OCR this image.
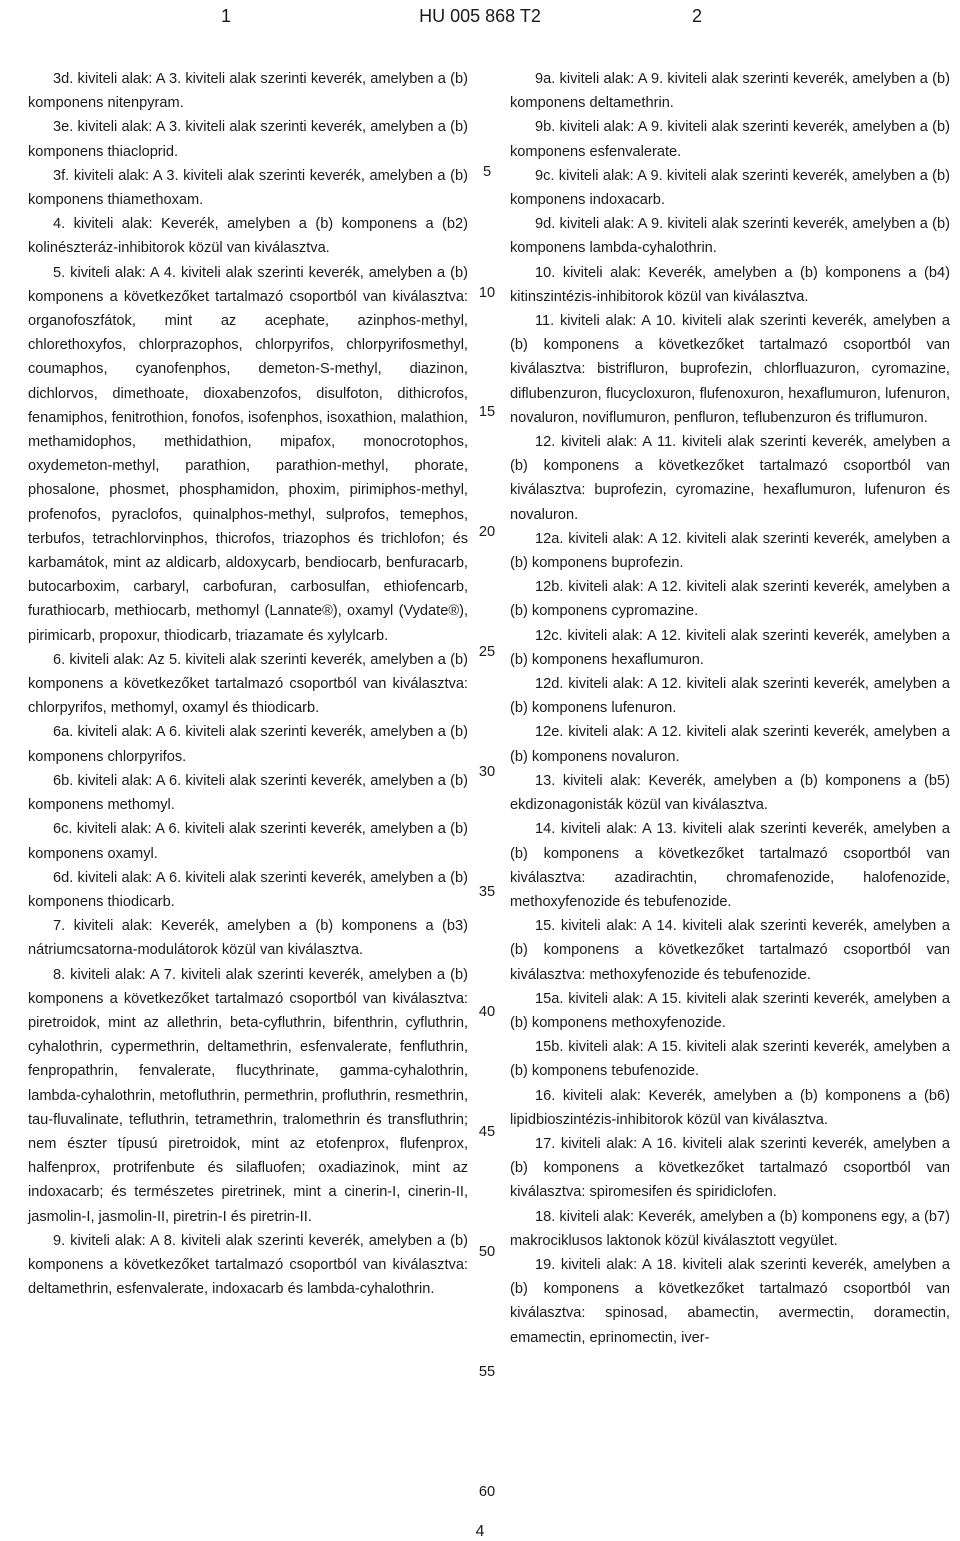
1	HU 005 868 T2	2

3d. kiviteli alak: A 3. kiviteli alak szerinti keverék, amelyben a (b) komponens nitenpyram.

3e. kiviteli alak: A 3. kiviteli alak szerinti keverék, amelyben a (b) komponens thiacloprid.

3f. kiviteli alak: A 3. kiviteli alak szerinti keverék, amelyben a (b) komponens thiamethoxam.

4. kiviteli alak: Keverék, amelyben a (b) komponens a (b2) kolinészteráz-inhibitorok közül van kiválasztva.

5. kiviteli alak: A 4. kiviteli alak szerinti keverék, amelyben a (b) komponens a következőket tartalmazó csoportból van kiválasztva: organofoszfátok, mint az acephate, azinphos-methyl, chlorethoxyfos, chlorprazophos, chlorpyrifos, chlorpyrifosmethyl, coumaphos, cyanofenphos, demeton-S-methyl, diazinon, dichlorvos, dimethoate, dioxabenzofos, disulfoton, dithicrofos, fenamiphos, fenitrothion, fonofos, isofenphos, isoxathion, malathion, methamidophos, methidathion, mipafox, monocrotophos, oxydemeton-methyl, parathion, parathion-methyl, phorate, phosalone, phosmet, phosphamidon, phoxim, pirimiphos-methyl, profenofos, pyraclofos, quinalphos-methyl, sulprofos, temephos, terbufos, tetrachlorvinphos, thicrofos, triazophos és trichlofon; és karbamátok, mint az aldicarb, aldoxycarb, bendiocarb, benfuracarb, butocarboxim, carbaryl, carbofuran, carbosulfan, ethiofencarb, furathiocarb, methiocarb, methomyl (Lannate®), oxamyl (Vydate®), pirimicarb, propoxur, thiodicarb, triazamate és xylylcarb.

6. kiviteli alak: Az 5. kiviteli alak szerinti keverék, amelyben a (b) komponens a következőket tartalmazó csoportból van kiválasztva: chlorpyrifos, methomyl, oxamyl és thiodicarb.

6a. kiviteli alak: A 6. kiviteli alak szerinti keverék, amelyben a (b) komponens chlorpyrifos.

6b. kiviteli alak: A 6. kiviteli alak szerinti keverék, amelyben a (b) komponens methomyl.

6c. kiviteli alak: A 6. kiviteli alak szerinti keverék, amelyben a (b) komponens oxamyl.

6d. kiviteli alak: A 6. kiviteli alak szerinti keverék, amelyben a (b) komponens thiodicarb.

7. kiviteli alak: Keverék, amelyben a (b) komponens a (b3) nátriumcsatorna-modulátorok közül van kiválasztva.

8. kiviteli alak: A 7. kiviteli alak szerinti keverék, amelyben a (b) komponens a következőket tartalmazó csoportból van kiválasztva: piretroidok, mint az allethrin, beta-cyfluthrin, bifenthrin, cyfluthrin, cyhalothrin, cypermethrin, deltamethrin, esfenvalerate, fenfluthrin, fenpropathrin, fenvalerate, flucythrinate, gamma-cyhalothrin, lambda-cyhalothrin, metofluthrin, permethrin, profluthrin, resmethrin, tau-fluvalinate, tefluthrin, tetramethrin, tralomethrin és transfluthrin; nem észter típusú piretroidok, mint az etofenprox, flufenprox, halfenprox, protrifenbute és silafluofen; oxadiazinok, mint az indoxacarb; és természetes piretrinek, mint a cinerin-I, cinerin-II, jasmolin-I, jasmolin-II, piretrin-I és piretrin-II.

9. kiviteli alak: A 8. kiviteli alak szerinti keverék, amelyben a (b) komponens a következőket tartalmazó csoportból van kiválasztva: deltamethrin, esfenvalerate, indoxacarb és lambda-cyhalothrin.

5
10
15
20
25
30
35
40
45
50
55
60

9a. kiviteli alak: A 9. kiviteli alak szerinti keverék, amelyben a (b) komponens deltamethrin.

9b. kiviteli alak: A 9. kiviteli alak szerinti keverék, amelyben a (b) komponens esfenvalerate.

9c. kiviteli alak: A 9. kiviteli alak szerinti keverék, amelyben a (b) komponens indoxacarb.

9d. kiviteli alak: A 9. kiviteli alak szerinti keverék, amelyben a (b) komponens lambda-cyhalothrin.

10. kiviteli alak: Keverék, amelyben a (b) komponens a (b4) kitinszintézis-inhibitorok közül van kiválasztva.

11. kiviteli alak: A 10. kiviteli alak szerinti keverék, amelyben a (b) komponens a következőket tartalmazó csoportból van kiválasztva: bistrifluron, buprofezin, chlorfluazuron, cyromazine, diflubenzuron, flucycloxuron, flufenoxuron, hexaflumuron, lufenuron, novaluron, noviflumuron, penfluron, teflubenzuron és triflumuron.

12. kiviteli alak: A 11. kiviteli alak szerinti keverék, amelyben a (b) komponens a következőket tartalmazó csoportból van kiválasztva: buprofezin, cyromazine, hexaflumuron, lufenuron és novaluron.

12a. kiviteli alak: A 12. kiviteli alak szerinti keverék, amelyben a (b) komponens buprofezin.

12b. kiviteli alak: A 12. kiviteli alak szerinti keverék, amelyben a (b) komponens cypromazine.

12c. kiviteli alak: A 12. kiviteli alak szerinti keverék, amelyben a (b) komponens hexaflumuron.

12d. kiviteli alak: A 12. kiviteli alak szerinti keverék, amelyben a (b) komponens lufenuron.

12e. kiviteli alak: A 12. kiviteli alak szerinti keverék, amelyben a (b) komponens novaluron.

13. kiviteli alak: Keverék, amelyben a (b) komponens a (b5) ekdizonagonisták közül van kiválasztva.

14. kiviteli alak: A 13. kiviteli alak szerinti keverék, amelyben a (b) komponens a következőket tartalmazó csoportból van kiválasztva: azadirachtin, chromafenozide, halofenozide, methoxyfenozide és tebufenozide.

15. kiviteli alak: A 14. kiviteli alak szerinti keverék, amelyben a (b) komponens a következőket tartalmazó csoportból van kiválasztva: methoxyfenozide és tebufenozide.

15a. kiviteli alak: A 15. kiviteli alak szerinti keverék, amelyben a (b) komponens methoxyfenozide.

15b. kiviteli alak: A 15. kiviteli alak szerinti keverék, amelyben a (b) komponens tebufenozide.

16. kiviteli alak: Keverék, amelyben a (b) komponens a (b6) lipidbioszintézis-inhibitorok közül van kiválasztva.

17. kiviteli alak: A 16. kiviteli alak szerinti keverék, amelyben a (b) komponens a következőket tartalmazó csoportból van kiválasztva: spiromesifen és spiridiclofen.

18. kiviteli alak: Keverék, amelyben a (b) komponens egy, a (b7) makrociklusos laktonok közül kiválasztott vegyület.

19. kiviteli alak: A 18. kiviteli alak szerinti keverék, amelyben a (b) komponens a következőket tartalmazó csoportból van kiválasztva: spinosad, abamectin, avermectin, doramectin, emamectin, eprinomectin, iver-

4
